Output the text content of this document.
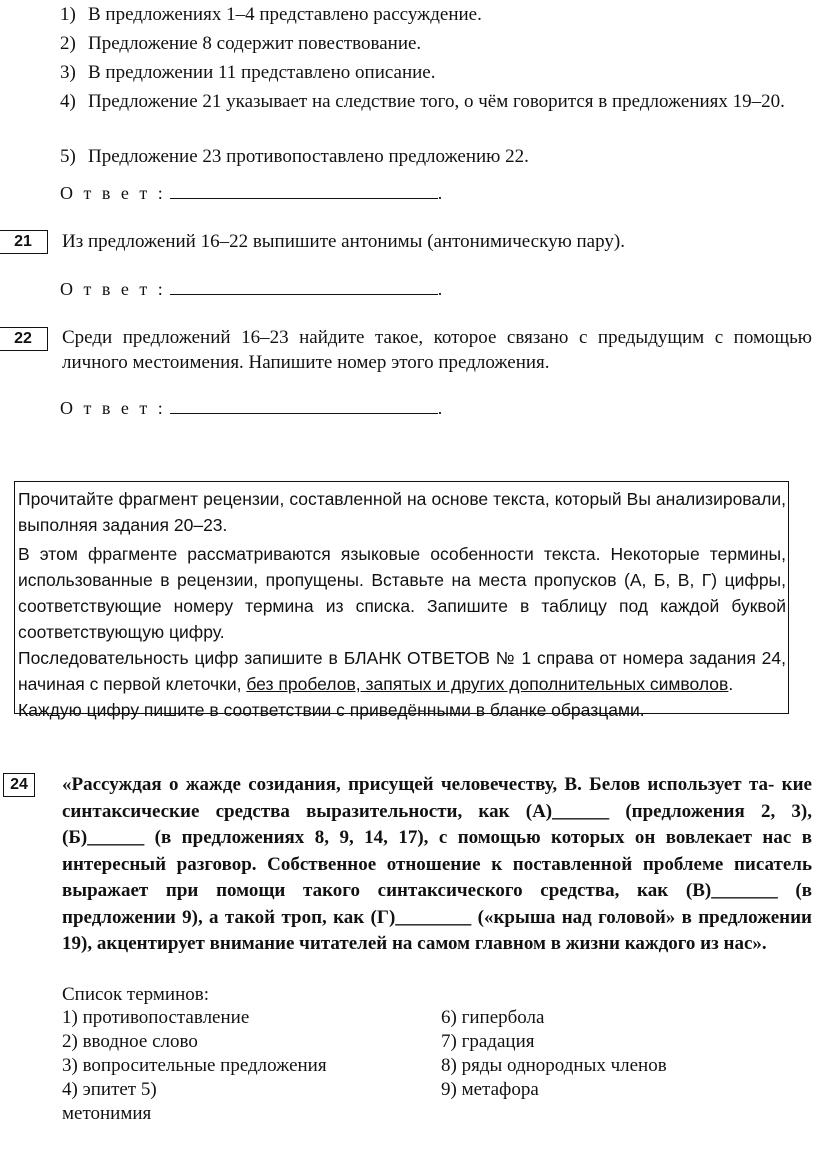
1) В предложениях 1–4 представлено рассуждение.
2) Предложение 8 содержит повествование.
3) В предложении 11 представлено описание.
4) Предложение 21 указывает на следствие того, о чём говорится в предложениях 19–20.
5) Предложение 23 противопоставлено предложению 22.
О т в е т :	.
21	Из предложений 16–22 выпишите антонимы (антонимическую пару).
О т в е т :	.
22	Среди предложений 16–23 найдите такое, которое связано с предыдущим с помощью личного местоимения. Напишите номер этого предложения.
О т в е т :	.

Прочитайте фрагмент рецензии, составленной на основе текста, который Вы анализировали, выполняя задания 20–23.

В этом фрагменте рассматриваются языковые особенности текста. Некоторые термины, использованные в рецензии, пропущены. Вставьте на места пропусков (А, Б, В, Г) цифры, соответствующие номеру термина из списка. Запишите в таблицу под каждой буквой соответствующую цифру.

Последовательность цифр запишите в БЛАНК ОТВЕТОВ № 1 справа от номера задания 24, начиная с первой клеточки, без пробелов, запятых и других дополнительных символов.

Каждую цифру пишите в соответствии с приведёнными в бланке образцами.

24	«Рассуждая о жажде созидания, присущей человечеству, В. Белов использует та- кие синтаксические средства выразительности, как (А)______ (предложения 2, 3), (Б)______ (в предложениях 8, 9, 14, 17), с помощью которых он вовлекает нас в интересный разговор. Собственное отношение к поставленной проблеме писатель выражает при помощи такого синтаксического средства, как (В)_______ (в предложении 9), а такой троп, как (Г)________ («крыша над головой» в предложении 19), акцентирует внимание читателей на самом главном в жизни каждого из нас».
Список терминов:
1) противопоставление
2) вводное слово
3) вопросительные предложения
4) эпитет 5)
метонимия
6) гипербола
7) градация
8) ряды однородных членов
9) метафора
